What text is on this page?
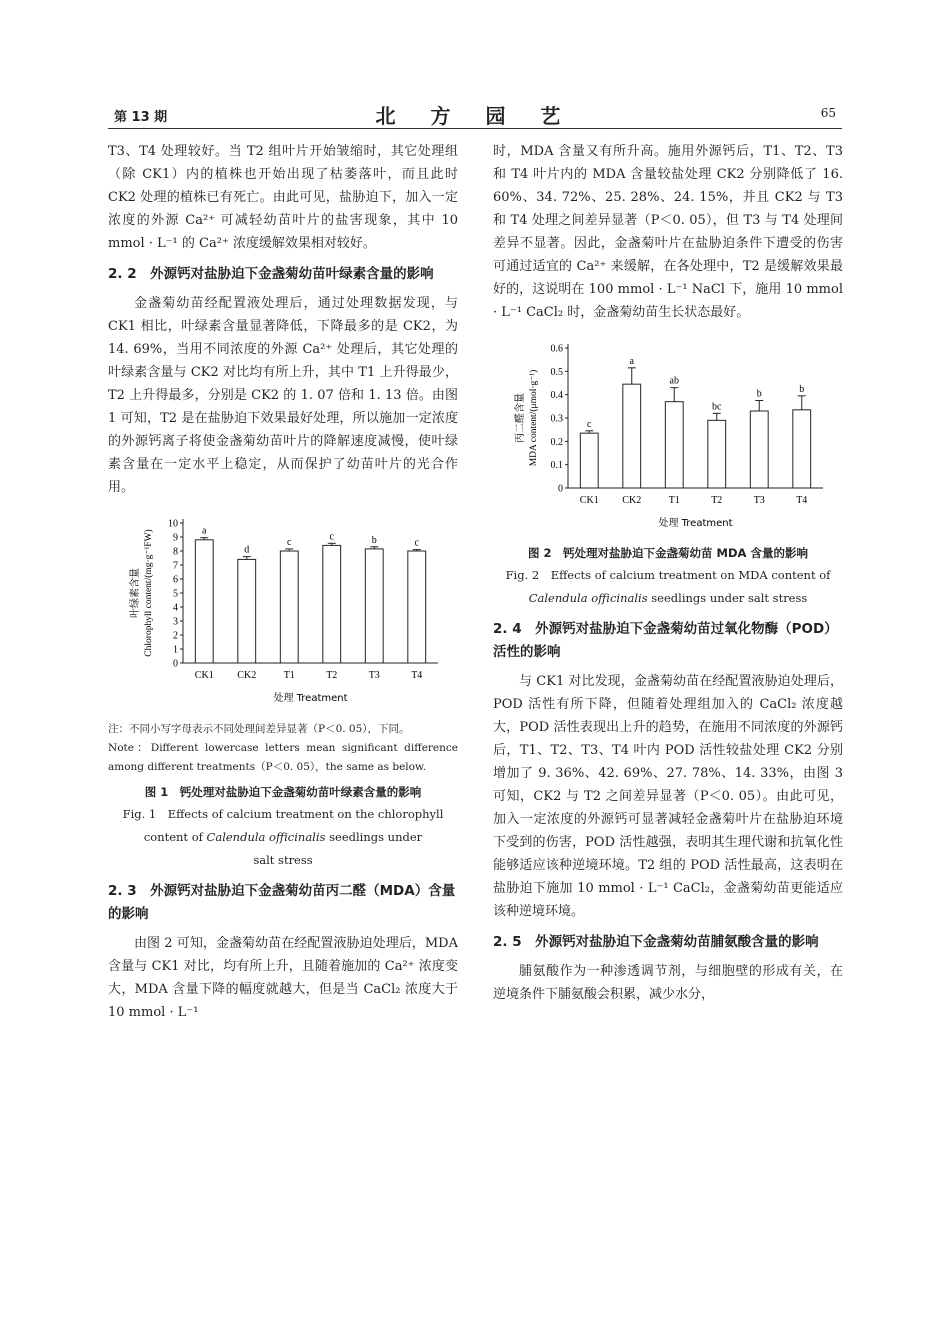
第 13 期	北 方 园 艺	65

T3、T4 处理较好。当 T2 组叶片开始皱缩时，其它处理组（除 CK1）内的植株也开始出现了枯萎落叶，而且此时 CK2 处理的植株已有死亡。由此可见，盐胁迫下，加入一定浓度的外源 Ca²⁺ 可减轻幼苗叶片的盐害现象，其中 10 mmol · L⁻¹ 的 Ca²⁺ 浓度缓解效果相对较好。

2. 2　外源钙对盐胁迫下金盏菊幼苗叶绿素含量的影响

金盏菊幼苗经配置液处理后，通过处理数据发现，与 CK1 相比，叶绿素含量显著降低，下降最多的是 CK2，为 14. 69%，当用不同浓度的外源 Ca²⁺ 处理后，其它处理的叶绿素含量与 CK2 对比均有所上升，其中 T1 上升得最少，T2 上升得最多，分别是 CK2 的 1. 07 倍和 1. 13 倍。由图 1 可知，T2 是在盐胁迫下效果最好处理，所以施加一定浓度的外源钙离子将使金盏菊幼苗叶片的降解速度减慢，使叶绿素含量在一定水平上稳定，从而保护了幼苗叶片的光合作用。

0
1
2
3
4
5
6
7
8
9
10
a
CK1
d
CK2
c
T1
c
T2
b
T3
c
T4
处理 Treatment
叶绿素含量 Chlorophyll content/(mg·g⁻¹FW)
注：不同小写字母表示不同处理间差异显著（P＜0. 05），下同。
Note：Different lowercase letters mean significant difference among different treatments（P＜0. 05），the same as below.
图 1　钙处理对盐胁迫下金盏菊幼苗叶绿素含量的影响
Fig. 1　Effects of calcium treatment on the chlorophyll
content of Calendula officinalis seedlings under
salt stress
2. 3　外源钙对盐胁迫下金盏菊幼苗丙二醛（MDA）含量的影响

由图 2 可知，金盏菊幼苗在经配置液胁迫处理后，MDA 含量与 CK1 对比，均有所上升，且随着施加的 Ca²⁺ 浓度变大，MDA 含量下降的幅度就越大，但是当 CaCl₂ 浓度大于 10 mmol · L⁻¹

时，MDA 含量又有所升高。施用外源钙后，T1、T2、T3 和 T4 叶片内的 MDA 含量较盐处理 CK2 分别降低了 16. 60%、34. 72%、25. 28%、24. 15%，并且 CK2 与 T3 和 T4 处理之间差异显著（P＜0. 05），但 T3 与 T4 处理间差异不显著。因此，金盏菊叶片在盐胁迫条件下遭受的伤害可通过适宜的 Ca²⁺ 来缓解，在各处理中，T2 是缓解效果最好的，这说明在 100 mmol · L⁻¹ NaCl 下，施用 10 mmol · L⁻¹ CaCl₂ 时，金盏菊幼苗生长状态最好。

0
0.1
0.2
0.3
0.4
0.5
0.6
c
CK1
a
CK2
ab
T1
bc
T2
b
T3
b
T4
处理 Treatment
丙二醛含量 MDA content/(μmol·g⁻¹)
图 2　钙处理对盐胁迫下金盏菊幼苗 MDA 含量的影响
Fig. 2　Effects of calcium treatment on MDA content of
Calendula officinalis seedlings under salt stress
2. 4　外源钙对盐胁迫下金盏菊幼苗过氧化物酶（POD）活性的影响

与 CK1 对比发现，金盏菊幼苗在经配置液胁迫处理后，POD 活性有所下降，但随着处理组加入的 CaCl₂ 浓度越大，POD 活性表现出上升的趋势，在施用不同浓度的外源钙后，T1、T2、T3、T4 叶内 POD 活性较盐处理 CK2 分别增加了 9. 36%、42. 69%、27. 78%、14. 33%，由图 3 可知，CK2 与 T2 之间差异显著（P＜0. 05）。由此可见，加入一定浓度的外源钙可显著减轻金盏菊叶片在盐胁迫环境下受到的伤害，POD 活性越强，表明其生理代谢和抗氧化性能够适应该种逆境环境。T2 组的 POD 活性最高，这表明在盐胁迫下施加 10 mmol · L⁻¹ CaCl₂，金盏菊幼苗更能适应该种逆境环境。

2. 5　外源钙对盐胁迫下金盏菊幼苗脯氨酸含量的影响

脯氨酸作为一种渗透调节剂，与细胞壁的形成有关，在逆境条件下脯氨酸会积累，减少水分，
